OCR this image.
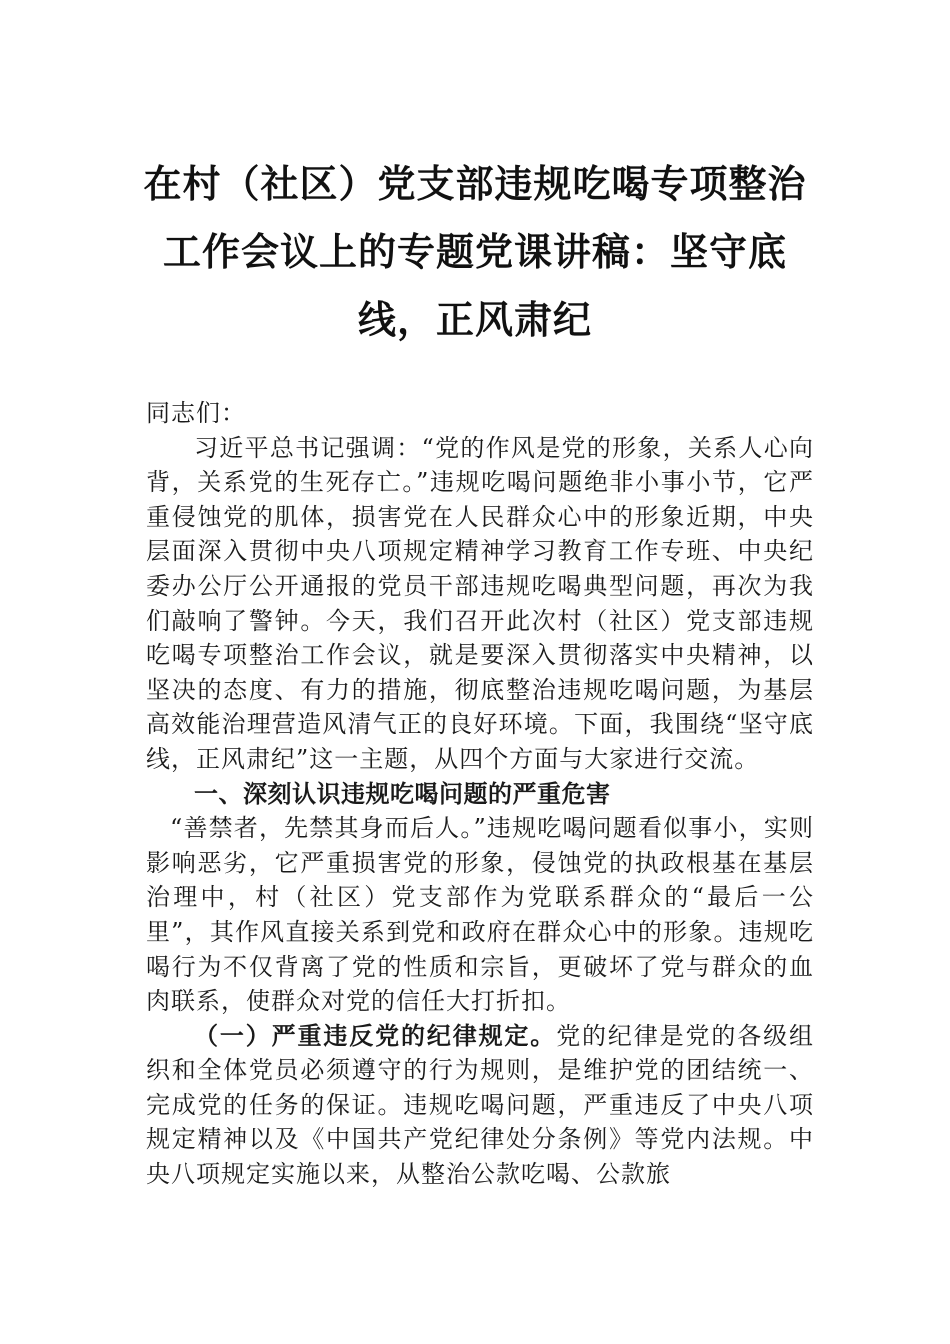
在村（社区）党支部违规吃喝专项整治工作会议上的专题党课讲稿：坚守底线，正风肃纪

同志们：

习近平总书记强调：“党的作风是党的形象，关系人心向背，关系党的生死存亡。”违规吃喝问题绝非小事小节，它严重侵蚀党的肌体，损害党在人民群众心中的形象近期，中央层面深入贯彻中央八项规定精神学习教育工作专班、中央纪委办公厅公开通报的党员干部违规吃喝典型问题，再次为我们敲响了警钟。今天，我们召开此次村（社区）党支部违规吃喝专项整治工作会议，就是要深入贯彻落实中央精神，以坚决的态度、有力的措施，彻底整治违规吃喝问题，为基层高效能治理营造风清气正的良好环境。下面，我围绕“坚守底线，正风肃纪”这一主题，从四个方面与大家进行交流。

一、深刻认识违规吃喝问题的严重危害

“善禁者，先禁其身而后人。”违规吃喝问题看似事小，实则影响恶劣，它严重损害党的形象，侵蚀党的执政根基在基层治理中，村（社区）党支部作为党联系群众的“最后一公里”，其作风直接关系到党和政府在群众心中的形象。违规吃喝行为不仅背离了党的性质和宗旨，更破坏了党与群众的血肉联系，使群众对党的信任大打折扣。

（一）严重违反党的纪律规定。党的纪律是党的各级组织和全体党员必须遵守的行为规则，是维护党的团结统一、完成党的任务的保证。违规吃喝问题，严重违反了中央八项规定精神以及《中国共产党纪律处分条例》等党内法规。中央八项规定实施以来，从整治公款吃喝、公款旅
